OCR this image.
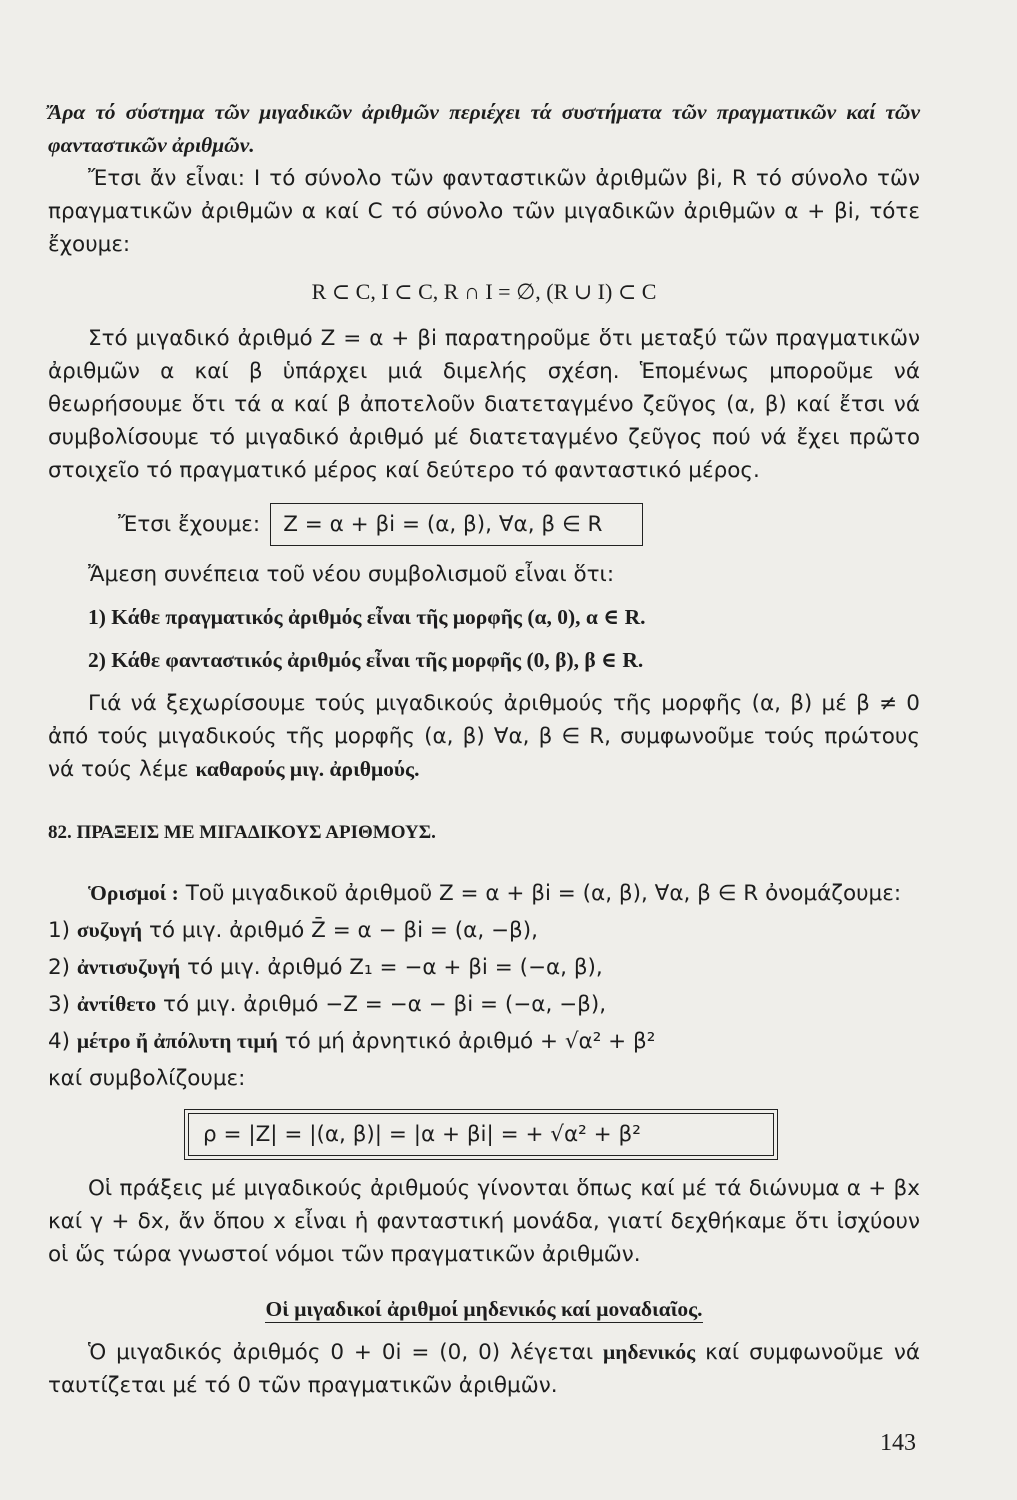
Ἄρα τό σύστημα τῶν μιγαδικῶν ἀριθμῶν περιέχει τά συστήματα τῶν πραγματικῶν καί τῶν φανταστικῶν ἀριθμῶν.

Ἔτσι ἄν εἶναι: I τό σύνολο τῶν φανταστικῶν ἀριθμῶν βi, R τό σύνολο τῶν πραγματικῶν ἀριθμῶν α καί C τό σύνολο τῶν μιγαδικῶν ἀριθμῶν α + βi, τότε ἔχουμε:

R ⊂ C, I ⊂ C, R ∩ I = ∅, (R ∪ I) ⊂ C

Στό μιγαδικό ἀριθμό Z = α + βi παρατηροῦμε ὅτι μεταξύ τῶν πραγματικῶν ἀριθμῶν α καί β ὑπάρχει μιά διμελής σχέση. Ἑπομένως μποροῦμε νά θεωρήσουμε ὅτι τά α καί β ἀποτελοῦν διατεταγμένο ζεῦγος (α, β) καί ἔτσι νά συμβολίσουμε τό μιγαδικό ἀριθμό μέ διατεταγμένο ζεῦγος πού νά ἔχει πρῶτο στοιχεῖο τό πραγματικό μέρος καί δεύτερο τό φανταστικό μέρος.

Ἔτσι ἔχουμε:	Z = α + βi = (α, β), ∀α, β ∈ R

Ἄμεση συνέπεια τοῦ νέου συμβολισμοῦ εἶναι ὅτι:

1) Κάθε πραγματικός ἀριθμός εἶναι τῆς μορφῆς (α, 0), α ∈ R.

2) Κάθε φανταστικός ἀριθμός εἶναι τῆς μορφῆς (0, β), β ∈ R.

Γιά νά ξεχωρίσουμε τούς μιγαδικούς ἀριθμούς τῆς μορφῆς (α, β) μέ β ≠ 0 ἀπό τούς μιγαδικούς τῆς μορφῆς (α, β) ∀α, β ∈ R, συμφωνοῦμε τούς πρώτους νά τούς λέμε καθαρούς μιγ. ἀριθμούς.

82. ΠΡΑΞΕΙΣ ΜΕ ΜΙΓΑΔΙΚΟΥΣ ΑΡΙΘΜΟΥΣ.

Ὁρισμοί : Τοῦ μιγαδικοῦ ἀριθμοῦ Z = α + βi = (α, β), ∀α, β ∈ R ὀνομάζουμε:

1) συζυγή τό μιγ. ἀριθμό Z̄ = α − βi = (α, −β),
2) ἀντισυζυγή τό μιγ. ἀριθμό Z₁ = −α + βi = (−α, β),
3) ἀντίθετο τό μιγ. ἀριθμό −Z = −α − βi = (−α, −β),
4) μέτρο ἤ ἀπόλυτη τιμή τό μή ἀρνητικό ἀριθμό + √α² + β²

καί συμβολίζουμε:

ρ = |Z| = |(α, β)| = |α + βi| = + √α² + β²

Οἱ πράξεις μέ μιγαδικούς ἀριθμούς γίνονται ὅπως καί μέ τά διώνυμα α + βx καί γ + δx, ἄν ὅπου x εἶναι ἡ φανταστική μονάδα, γιατί δεχθήκαμε ὅτι ἰσχύουν οἱ ὥς τώρα γνωστοί νόμοι τῶν πραγματικῶν ἀριθμῶν.

Οἱ μιγαδικοί ἀριθμοί μηδενικός καί μοναδιαῖος.

Ὁ μιγαδικός ἀριθμός 0 + 0i = (0, 0) λέγεται μηδενικός καί συμφωνοῦμε νά ταυτίζεται μέ τό 0 τῶν πραγματικῶν ἀριθμῶν.

143
